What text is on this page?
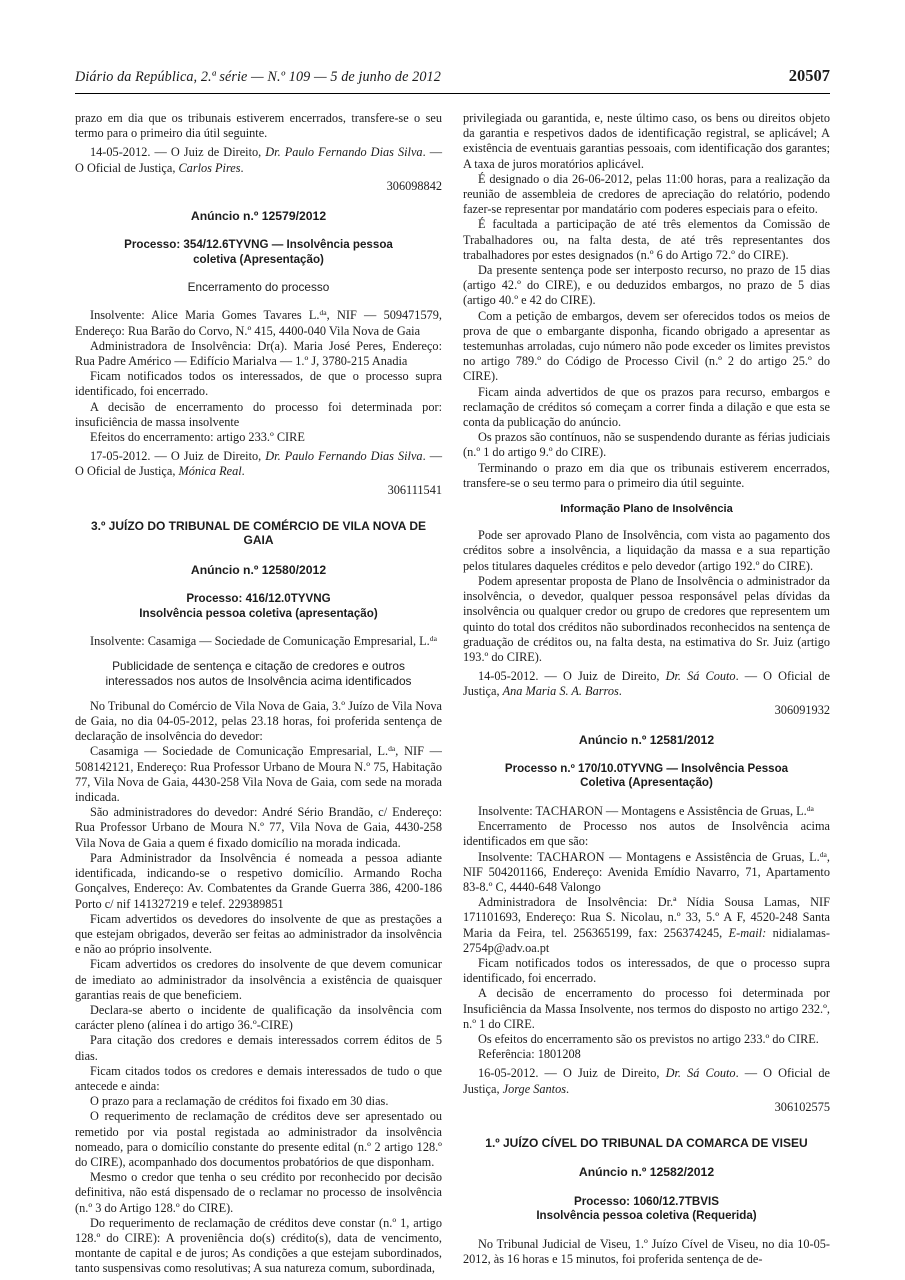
Diário da República, 2.ª série — N.º 109 — 5 de junho de 2012	20507
prazo em dia que os tribunais estiverem encerrados, transfere-se o seu termo para o primeiro dia útil seguinte.
14-05-2012. — O Juiz de Direito, Dr. Paulo Fernando Dias Silva. — O Oficial de Justiça, Carlos Pires.
306098842
Anúncio n.º 12579/2012
Processo: 354/12.6TYVNG — Insolvência pessoa
coletiva (Apresentação)
Encerramento do processo
Insolvente: Alice Maria Gomes Tavares L.$^{da}$, NIF — 509471579, Endereço: Rua Barão do Corvo, N.º 415, 4400-040 Vila Nova de Gaia
Administradora de Insolvência: Dr(a). Maria José Peres, Endereço: Rua Padre Américo — Edifício Marialva — 1.º J, 3780-215 Anadia
Ficam notificados todos os interessados, de que o processo supra identificado, foi encerrado.
A decisão de encerramento do processo foi determinada por: insuficiência de massa insolvente
Efeitos do encerramento: artigo 233.º CIRE
17-05-2012. — O Juiz de Direito, Dr. Paulo Fernando Dias Silva. — O Oficial de Justiça, Mónica Real.
306111541
3.º JUÍZO DO TRIBUNAL DE COMÉRCIO DE VILA NOVA DE GAIA
Anúncio n.º 12580/2012
Processo: 416/12.0TYVNG
Insolvência pessoa coletiva (apresentação)
Insolvente: Casamiga — Sociedade de Comunicação Empresarial, L.$^{da}$
Publicidade de sentença e citação de credores e outros
interessados nos autos de Insolvência acima identificados
No Tribunal do Comércio de Vila Nova de Gaia, 3.º Juízo de Vila Nova de Gaia, no dia 04-05-2012, pelas 23.18 horas, foi proferida sentença de declaração de insolvência do devedor:
Casamiga — Sociedade de Comunicação Empresarial, L.$^{da}$, NIF — 508142121, Endereço: Rua Professor Urbano de Moura N.º 75, Habitação 77, Vila Nova de Gaia, 4430-258 Vila Nova de Gaia, com sede na morada indicada.
São administradores do devedor: André Sério Brandão, c/ Endereço: Rua Professor Urbano de Moura N.º 77, Vila Nova de Gaia, 4430-258 Vila Nova de Gaia a quem é fixado domicílio na morada indicada.
Para Administrador da Insolvência é nomeada a pessoa adiante identificada, indicando-se o respetivo domicílio. Armando Rocha Gonçalves, Endereço: Av. Combatentes da Grande Guerra 386, 4200-186 Porto c/ nif 141327219 e telef. 229389851
Ficam advertidos os devedores do insolvente de que as prestações a que estejam obrigados, deverão ser feitas ao administrador da insolvência e não ao próprio insolvente.
Ficam advertidos os credores do insolvente de que devem comunicar de imediato ao administrador da insolvência a existência de quaisquer garantias reais de que beneficiem.
Declara-se aberto o incidente de qualificação da insolvência com carácter pleno (alínea i do artigo 36.º-CIRE)
Para citação dos credores e demais interessados correm éditos de 5 dias.
Ficam citados todos os credores e demais interessados de tudo o que antecede e ainda:
O prazo para a reclamação de créditos foi fixado em 30 dias.
O requerimento de reclamação de créditos deve ser apresentado ou remetido por via postal registada ao administrador da insolvência nomeado, para o domicílio constante do presente edital (n.º 2 artigo 128.º do CIRE), acompanhado dos documentos probatórios de que disponham.
Mesmo o credor que tenha o seu crédito por reconhecido por decisão definitiva, não está dispensado de o reclamar no processo de insolvência (n.º 3 do Artigo 128.º do CIRE).
Do requerimento de reclamação de créditos deve constar (n.º 1, artigo 128.º do CIRE): A proveniência do(s) crédito(s), data de vencimento, montante de capital e de juros; As condições a que estejam subordinados, tanto suspensivas como resolutivas; A sua natureza comum, subordinada,
privilegiada ou garantida, e, neste último caso, os bens ou direitos objeto da garantia e respetivos dados de identificação registral, se aplicável; A existência de eventuais garantias pessoais, com identificação dos garantes; A taxa de juros moratórios aplicável.
É designado o dia 26-06-2012, pelas 11:00 horas, para a realização da reunião de assembleia de credores de apreciação do relatório, podendo fazer-se representar por mandatário com poderes especiais para o efeito.
É facultada a participação de até três elementos da Comissão de Trabalhadores ou, na falta desta, de até três representantes dos trabalhadores por estes designados (n.º 6 do Artigo 72.º do CIRE).
Da presente sentença pode ser interposto recurso, no prazo de 15 dias (artigo 42.º do CIRE), e ou deduzidos embargos, no prazo de 5 dias (artigo 40.º e 42 do CIRE).
Com a petição de embargos, devem ser oferecidos todos os meios de prova de que o embargante disponha, ficando obrigado a apresentar as testemunhas arroladas, cujo número não pode exceder os limites previstos no artigo 789.º do Código de Processo Civil (n.º 2 do artigo 25.º do CIRE).
Ficam ainda advertidos de que os prazos para recurso, embargos e reclamação de créditos só começam a correr finda a dilação e que esta se conta da publicação do anúncio.
Os prazos são contínuos, não se suspendendo durante as férias judiciais (n.º 1 do artigo 9.º do CIRE).
Terminando o prazo em dia que os tribunais estiverem encerrados, transfere-se o seu termo para o primeiro dia útil seguinte.
Informação Plano de Insolvência
Pode ser aprovado Plano de Insolvência, com vista ao pagamento dos créditos sobre a insolvência, a liquidação da massa e a sua repartição pelos titulares daqueles créditos e pelo devedor (artigo 192.º do CIRE).
Podem apresentar proposta de Plano de Insolvência o administrador da insolvência, o devedor, qualquer pessoa responsável pelas dívidas da insolvência ou qualquer credor ou grupo de credores que representem um quinto do total dos créditos não subordinados reconhecidos na sentença de graduação de créditos ou, na falta desta, na estimativa do Sr. Juiz (artigo 193.º do CIRE).
14-05-2012. — O Juiz de Direito, Dr. Sá Couto. — O Oficial de Justiça, Ana Maria S. A. Barros.
306091932
Anúncio n.º 12581/2012
Processo n.º 170/10.0TYVNG — Insolvência Pessoa
Coletiva (Apresentação)
Insolvente: TACHARON — Montagens e Assistência de Gruas, L.$^{da}$
Encerramento de Processo nos autos de Insolvência acima identificados em que são:
Insolvente: TACHARON — Montagens e Assistência de Gruas, L.$^{da}$, NIF 504201166, Endereço: Avenida Emídio Navarro, 71, Apartamento 83-8.º C, 4440-648 Valongo
Administradora de Insolvência: Dr.ª Nídia Sousa Lamas, NIF 171101693, Endereço: Rua S. Nicolau, n.º 33, 5.º A F, 4520-248 Santa Maria da Feira, tel. 256365199, fax: 256374245, E-mail: nidialamas-2754p@adv.oa.pt
Ficam notificados todos os interessados, de que o processo supra identificado, foi encerrado.
A decisão de encerramento do processo foi determinada por Insuficiência da Massa Insolvente, nos termos do disposto no artigo 232.º, n.º 1 do CIRE.
Os efeitos do encerramento são os previstos no artigo 233.º do CIRE.
Referência: 1801208
16-05-2012. — O Juiz de Direito, Dr. Sá Couto. — O Oficial de Justiça, Jorge Santos.
306102575
1.º JUÍZO CÍVEL DO TRIBUNAL DA COMARCA DE VISEU
Anúncio n.º 12582/2012
Processo: 1060/12.7TBVIS
Insolvência pessoa coletiva (Requerida)
No Tribunal Judicial de Viseu, 1.º Juízo Cível de Viseu, no dia 10-05-2012, às 16 horas e 15 minutos, foi proferida sentença de de-
